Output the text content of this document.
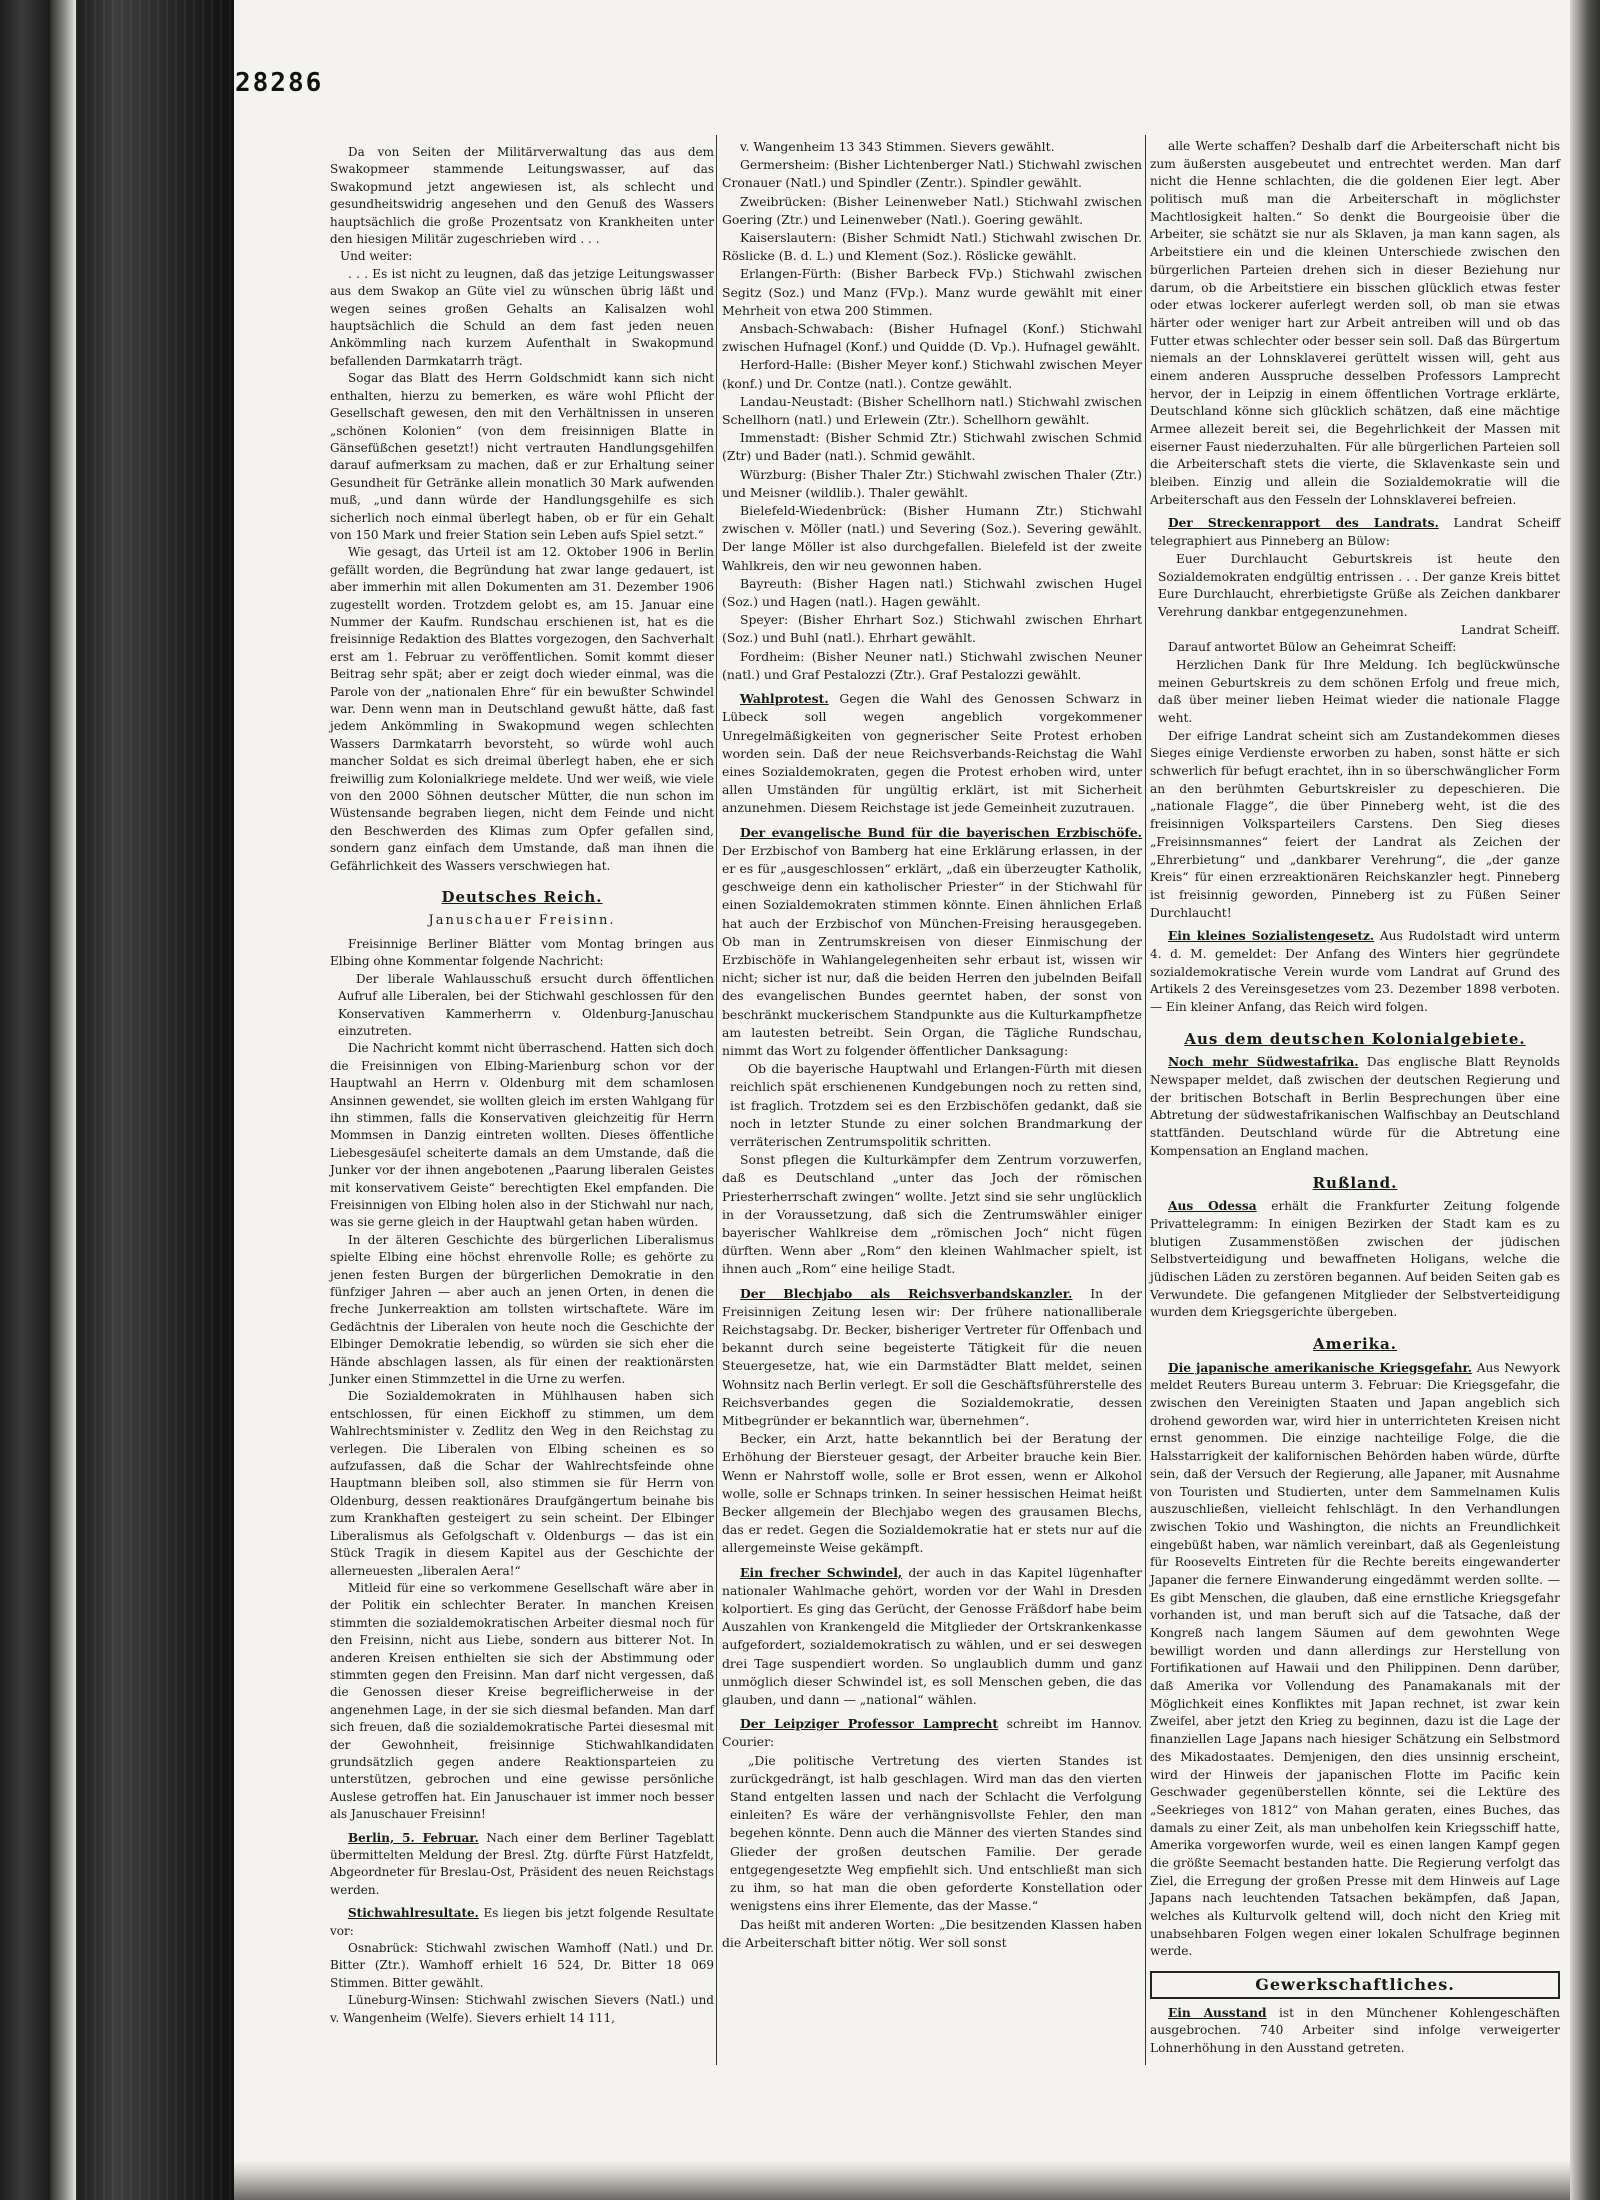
28286

Da von Seiten der Militärverwaltung das aus dem Swakopmeer stammende Leitungswasser, auf das Swakopmund jetzt angewiesen ist, als schlecht und gesundheitswidrig angesehen und den Genuß des Wassers hauptsächlich die große Prozentsatz von Krankheiten unter den hiesigen Militär zugeschrieben wird . . .

Und weiter:

. . . Es ist nicht zu leugnen, daß das jetzige Leitungswasser aus dem Swakop an Güte viel zu wünschen übrig läßt und wegen seines großen Gehalts an Kalisalzen wohl hauptsächlich die Schuld an dem fast jeden neuen Ankömmling nach kurzem Aufenthalt in Swakopmund befallenden Darmkatarrh trägt.

Sogar das Blatt des Herrn Goldschmidt kann sich nicht enthalten, hierzu zu bemerken, es wäre wohl Pflicht der Gesellschaft gewesen, den mit den Verhältnissen in unseren „schönen Kolonien“ (von dem freisinnigen Blatte in Gänsefüßchen gesetzt!) nicht vertrauten Handlungsgehilfen darauf aufmerksam zu machen, daß er zur Erhaltung seiner Gesundheit für Getränke allein monatlich 30 Mark aufwenden muß, „und dann würde der Handlungsgehilfe es sich sicherlich noch einmal überlegt haben, ob er für ein Gehalt von 150 Mark und freier Station sein Leben aufs Spiel setzt.“

Wie gesagt, das Urteil ist am 12. Oktober 1906 in Berlin gefällt worden, die Begründung hat zwar lange gedauert, ist aber immerhin mit allen Dokumenten am 31. Dezember 1906 zugestellt worden. Trotzdem gelobt es, am 15. Januar eine Nummer der Kaufm. Rundschau erschienen ist, hat es die freisinnige Redaktion des Blattes vorgezogen, den Sachverhalt erst am 1. Februar zu veröffentlichen. Somit kommt dieser Beitrag sehr spät; aber er zeigt doch wieder einmal, was die Parole von der „nationalen Ehre“ für ein bewußter Schwindel war. Denn wenn man in Deutschland gewußt hätte, daß fast jedem Ankömmling in Swakopmund wegen schlechten Wassers Darmkatarrh bevorsteht, so würde wohl auch mancher Soldat es sich dreimal überlegt haben, ehe er sich freiwillig zum Kolonialkriege meldete. Und wer weiß, wie viele von den 2000 Söhnen deutscher Mütter, die nun schon im Wüstensande begraben liegen, nicht dem Feinde und nicht den Beschwerden des Klimas zum Opfer gefallen sind, sondern ganz einfach dem Umstande, daß man ihnen die Gefährlichkeit des Wassers verschwiegen hat.

Deutsches Reich.

Januschauer Freisinn.

Freisinnige Berliner Blätter vom Montag bringen aus Elbing ohne Kommentar folgende Nachricht:

Der liberale Wahlausschuß ersucht durch öffentlichen Aufruf alle Liberalen, bei der Stichwahl geschlossen für den Konservativen Kammerherrn v. Oldenburg-Januschau einzutreten.

Die Nachricht kommt nicht überraschend. Hatten sich doch die Freisinnigen von Elbing-Marienburg schon vor der Hauptwahl an Herrn v. Oldenburg mit dem schamlosen Ansinnen gewendet, sie wollten gleich im ersten Wahlgang für ihn stimmen, falls die Konservativen gleichzeitig für Herrn Mommsen in Danzig eintreten wollten. Dieses öffentliche Liebesgesäuſel scheiterte damals an dem Umstande, daß die Junker vor der ihnen angebotenen „Paarung liberalen Geistes mit konservativem Geiste“ berechtigten Ekel empfanden. Die Freisinnigen von Elbing holen also in der Stichwahl nur nach, was sie gerne gleich in der Hauptwahl getan haben würden.

In der älteren Geschichte des bürgerlichen Liberalismus spielte Elbing eine höchst ehrenvolle Rolle; es gehörte zu jenen festen Burgen der bürgerlichen Demokratie in den fünfziger Jahren — aber auch an jenen Orten, in denen die freche Junkerreaktion am tollsten wirtschaftete. Wäre im Gedächtnis der Liberalen von heute noch die Geschichte der Elbinger Demokratie lebendig, so würden sie sich eher die Hände abschlagen lassen, als für einen der reaktionärsten Junker einen Stimmzettel in die Urne zu werfen.

Die Sozialdemokraten in Mühlhausen haben sich entschlossen, für einen Eickhoff zu stimmen, um dem Wahlrechtsminister v. Zedlitz den Weg in den Reichstag zu verlegen. Die Liberalen von Elbing scheinen es so aufzufassen, daß die Schar der Wahlrechtsfeinde ohne Hauptmann bleiben soll, also stimmen sie für Herrn von Oldenburg, dessen reaktionäres Draufgängertum beinahe bis zum Krankhaften gesteigert zu sein scheint. Der Elbinger Liberalismus als Gefolgschaft v. Oldenburgs — das ist ein Stück Tragik in diesem Kapitel aus der Geschichte der allerneuesten „liberalen Aera!“

Mitleid für eine so verkommene Gesellschaft wäre aber in der Politik ein schlechter Berater. In manchen Kreisen stimmten die sozialdemokratischen Arbeiter diesmal noch für den Freisinn, nicht aus Liebe, sondern aus bitterer Not. In anderen Kreisen enthielten sie sich der Abstimmung oder stimmten gegen den Freisinn. Man darf nicht vergessen, daß die Genossen dieser Kreise begreiflicherweise in der angenehmen Lage, in der sie sich diesmal befanden. Man darf sich freuen, daß die sozialdemokratische Partei diesesmal mit der Gewohnheit, freisinnige Stichwahlkandidaten grundsätzlich gegen andere Reaktionsparteien zu unterstützen, gebrochen und eine gewisse persönliche Auslese getroffen hat. Ein Januschauer ist immer noch besser als Januschauer Freisinn!

Berlin, 5. Februar. Nach einer dem Berliner Tageblatt übermittelten Meldung der Bresl. Ztg. dürfte Fürst Hatzfeldt, Abgeordneter für Breslau-Ost, Präsident des neuen Reichstags werden.

Stichwahlresultate. Es liegen bis jetzt folgende Resultate vor:

Osnabrück: Stichwahl zwischen Wamhoff (Natl.) und Dr. Bitter (Ztr.). Wamhoff erhielt 16 524, Dr. Bitter 18 069 Stimmen. Bitter gewählt.

Lüneburg-Winsen: Stichwahl zwischen Sievers (Natl.) und v. Wangenheim (Welfe). Sievers erhielt 14 111,

v. Wangenheim 13 343 Stimmen. Sievers gewählt.

Germersheim: (Bisher Lichtenberger Natl.) Stichwahl zwischen Cronauer (Natl.) und Spindler (Zentr.). Spindler gewählt.

Zweibrücken: (Bisher Leinenweber Natl.) Stichwahl zwischen Goering (Ztr.) und Leinenweber (Natl.). Goering gewählt.

Kaiserslautern: (Bisher Schmidt Natl.) Stichwahl zwischen Dr. Röslicke (B. d. L.) und Klement (Soz.). Röslicke gewählt.

Erlangen-Fürth: (Bisher Barbeck FVp.) Stichwahl zwischen Segitz (Soz.) und Manz (FVp.). Manz wurde gewählt mit einer Mehrheit von etwa 200 Stimmen.

Ansbach-Schwabach: (Bisher Hufnagel (Konf.) Stichwahl zwischen Hufnagel (Konf.) und Quidde (D. Vp.). Hufnagel gewählt.

Herford-Halle: (Bisher Meyer konf.) Stichwahl zwischen Meyer (konf.) und Dr. Contze (natl.). Contze gewählt.

Landau-Neustadt: (Bisher Schellhorn natl.) Stichwahl zwischen Schellhorn (natl.) und Erlewein (Ztr.). Schellhorn gewählt.

Immenstadt: (Bisher Schmid Ztr.) Stichwahl zwischen Schmid (Ztr) und Bader (natl.). Schmid gewählt.

Würzburg: (Bisher Thaler Ztr.) Stichwahl zwischen Thaler (Ztr.) und Meisner (wildlib.). Thaler gewählt.

Bielefeld-Wiedenbrück: (Bisher Humann Ztr.) Stichwahl zwischen v. Möller (natl.) und Severing (Soz.). Severing gewählt. Der lange Möller ist also durchgefallen. Bielefeld ist der zweite Wahlkreis, den wir neu gewonnen haben.

Bayreuth: (Bisher Hagen natl.) Stichwahl zwischen Hugel (Soz.) und Hagen (natl.). Hagen gewählt.

Speyer: (Bisher Ehrhart Soz.) Stichwahl zwischen Ehrhart (Soz.) und Buhl (natl.). Ehrhart gewählt.

Fordheim: (Bisher Neuner natl.) Stichwahl zwischen Neuner (natl.) und Graf Pestalozzi (Ztr.). Graf Pestalozzi gewählt.

Wahlprotest. Gegen die Wahl des Genossen Schwarz in Lübeck soll wegen angeblich vorgekommener Unregelmäßigkeiten von gegnerischer Seite Protest erhoben worden sein. Daß der neue Reichsverbands-Reichstag die Wahl eines Sozialdemokraten, gegen die Protest erhoben wird, unter allen Umständen für ungültig erklärt, ist mit Sicherheit anzunehmen. Diesem Reichstage ist jede Gemeinheit zuzutrauen.

Der evangelische Bund für die bayerischen Erzbischöfe. Der Erzbischof von Bamberg hat eine Erklärung erlassen, in der er es für „ausgeschlossen“ erklärt, „daß ein überzeugter Katholik, geschweige denn ein katholischer Priester“ in der Stichwahl für einen Sozialdemokraten stimmen könnte. Einen ähnlichen Erlaß hat auch der Erzbischof von München-Freising herausgegeben. Ob man in Zentrumskreisen von dieser Einmischung der Erzbischöfe in Wahlangelegenheiten sehr erbaut ist, wissen wir nicht; sicher ist nur, daß die beiden Herren den jubelnden Beifall des evangelischen Bundes geerntet haben, der sonst von beschränkt muckerischem Standpunkte aus die Kulturkampfhetze am lautesten betreibt. Sein Organ, die Tägliche Rundschau, nimmt das Wort zu folgender öffentlicher Danksagung:

Ob die bayerische Hauptwahl und Erlangen-Fürth mit diesen reichlich spät erschienenen Kundgebungen noch zu retten sind, ist fraglich. Trotzdem sei es den Erzbischöfen gedankt, daß sie noch in letzter Stunde zu einer solchen Brandmarkung der verräterischen Zentrumspolitik schritten.

Sonst pflegen die Kulturkämpfer dem Zentrum vorzuwerfen, daß es Deutschland „unter das Joch der römischen Priesterherrschaft zwingen“ wollte. Jetzt sind sie sehr unglücklich in der Voraussetzung, daß sich die Zentrumswähler einiger bayerischer Wahlkreise dem „römischen Joch“ nicht fügen dürften. Wenn aber „Rom“ den kleinen Wahlmacher spielt, ist ihnen auch „Rom“ eine heilige Stadt.

Der Blechjabo als Reichsverbandskanzler. In der Freisinnigen Zeitung lesen wir: Der frühere nationalliberale Reichstagsabg. Dr. Becker, bisheriger Vertreter für Offenbach und bekannt durch seine begeisterte Tätigkeit für die neuen Steuergesetze, hat, wie ein Darmstädter Blatt meldet, seinen Wohnsitz nach Berlin verlegt. Er soll die Geschäftsführerstelle des Reichsverbandes gegen die Sozialdemokratie, dessen Mitbegründer er bekanntlich war, übernehmen“.

Becker, ein Arzt, hatte bekanntlich bei der Beratung der Erhöhung der Biersteuer gesagt, der Arbeiter brauche kein Bier. Wenn er Nahrstoff wolle, solle er Brot essen, wenn er Alkohol wolle, solle er Schnaps trinken. In seiner hessischen Heimat heißt Becker allgemein der Blechjabo wegen des grausamen Blechs, das er redet. Gegen die Sozialdemokratie hat er stets nur auf die allergemeinste Weise gekämpft.

Ein frecher Schwindel, der auch in das Kapitel lügenhafter nationaler Wahlmache gehört, worden vor der Wahl in Dresden kolportiert. Es ging das Gerücht, der Genosse Fräßdorf habe beim Auszahlen von Krankengeld die Mitglieder der Ortskrankenkasse aufgefordert, sozialdemokratisch zu wählen, und er sei deswegen drei Tage suspendiert worden. So unglaublich dumm und ganz unmöglich dieser Schwindel ist, es soll Menschen geben, die das glauben, und dann — „national“ wählen.

Der Leipziger Professor Lamprecht schreibt im Hannov. Courier:

„Die politische Vertretung des vierten Standes ist zurückgedrängt, ist halb geschlagen. Wird man das den vierten Stand entgelten lassen und nach der Schlacht die Verfolgung einleiten? Es wäre der verhängnisvollste Fehler, den man begehen könnte. Denn auch die Männer des vierten Standes sind Glieder der großen deutschen Familie. Der gerade entgegengesetzte Weg empfiehlt sich. Und entschließt man sich zu ihm, so hat man die oben geforderte Konstellation oder wenigstens eins ihrer Elemente, das der Masse.“

Das heißt mit anderen Worten: „Die besitzenden Klassen haben die Arbeiterschaft bitter nötig. Wer soll sonst

alle Werte schaffen? Deshalb darf die Arbeiterschaft nicht bis zum äußersten ausgebeutet und entrechtet werden. Man darf nicht die Henne schlachten, die die goldenen Eier legt. Aber politisch muß man die Arbeiterschaft in möglichster Machtlosigkeit halten.“ So denkt die Bourgeoisie über die Arbeiter, sie schätzt sie nur als Sklaven, ja man kann sagen, als Arbeitstiere ein und die kleinen Unterschiede zwischen den bürgerlichen Parteien drehen sich in dieser Beziehung nur darum, ob die Arbeitstiere ein bisschen glücklich etwas fester oder etwas lockerer auferlegt werden soll, ob man sie etwas härter oder weniger hart zur Arbeit antreiben will und ob das Futter etwas schlechter oder besser sein soll. Daß das Bürgertum niemals an der Lohnsklaverei gerüttelt wissen will, geht aus einem anderen Ausspruche desselben Professors Lamprecht hervor, der in Leipzig in einem öffentlichen Vortrage erklärte, Deutschland könne sich glücklich schätzen, daß eine mächtige Armee allezeit bereit sei, die Begehrlichkeit der Massen mit eiserner Faust niederzuhalten. Für alle bürgerlichen Parteien soll die Arbeiterschaft stets die vierte, die Sklavenkaste sein und bleiben. Einzig und allein die Sozialdemokratie will die Arbeiterschaft aus den Fesseln der Lohnsklaverei befreien.

Der Streckenrapport des Landrats. Landrat Scheiff telegraphiert aus Pinneberg an Bülow:

Euer Durchlaucht Geburtskreis ist heute den Sozialdemokraten endgültig entrissen . . . Der ganze Kreis bittet Eure Durchlaucht, ehrerbietigste Grüße als Zeichen dankbarer Verehrung dankbar entgegenzunehmen.

Landrat Scheiff.

Darauf antwortet Bülow an Geheimrat Scheiff:

Herzlichen Dank für Ihre Meldung. Ich beglückwünsche meinen Geburtskreis zu dem schönen Erfolg und freue mich, daß über meiner lieben Heimat wieder die nationale Flagge weht.

Der eifrige Landrat scheint sich am Zustandekommen dieses Sieges einige Verdienste erworben zu haben, sonst hätte er sich schwerlich für befugt erachtet, ihn in so überschwänglicher Form an den berühmten Geburtskreisler zu depeschieren. Die „nationale Flagge“, die über Pinneberg weht, ist die des freisinnigen Volksparteilers Carstens. Den Sieg dieses „Freisinnsmannes“ feiert der Landrat als Zeichen der „Ehrerbietung“ und „dankbarer Verehrung“, die „der ganze Kreis“ für einen erzreaktionären Reichskanzler hegt. Pinneberg ist freisinnig geworden, Pinneberg ist zu Füßen Seiner Durchlaucht!

Ein kleines Sozialistengesetz. Aus Rudolstadt wird unterm 4. d. M. gemeldet: Der Anfang des Winters hier gegründete sozialdemokratische Verein wurde vom Landrat auf Grund des Artikels 2 des Vereinsgesetzes vom 23. Dezember 1898 verboten. — Ein kleiner Anfang, das Reich wird folgen.

Aus dem deutschen Kolonialgebiete.

Noch mehr Südwestafrika. Das englische Blatt Reynolds Newspaper meldet, daß zwischen der deutschen Regierung und der britischen Botschaft in Berlin Besprechungen über eine Abtretung der südwestafrikanischen Walfischbay an Deutschland stattfänden. Deutschland würde für die Abtretung eine Kompensation an England machen.

Rußland.

Aus Odessa erhält die Frankfurter Zeitung folgende Privattelegramm: In einigen Bezirken der Stadt kam es zu blutigen Zusammenstößen zwischen der jüdischen Selbstverteidigung und bewaffneten Holigans, welche die jüdischen Läden zu zerstören begannen. Auf beiden Seiten gab es Verwundete. Die gefangenen Mitglieder der Selbstverteidigung wurden dem Kriegsgerichte übergeben.

Amerika.

Die japanische amerikanische Kriegsgefahr. Aus Newyork meldet Reuters Bureau unterm 3. Februar: Die Kriegsgefahr, die zwischen den Vereinigten Staaten und Japan angeblich sich drohend geworden war, wird hier in unterrichteten Kreisen nicht ernst genommen. Die einzige nachteilige Folge, die die Halsstarrigkeit der kalifornischen Behörden haben würde, dürfte sein, daß der Versuch der Regierung, alle Japaner, mit Ausnahme von Touristen und Studierten, unter dem Sammelnamen Kulis auszuschließen, vielleicht fehlschlägt. In den Verhandlungen zwischen Tokio und Washington, die nichts an Freundlichkeit eingebüßt haben, war nämlich vereinbart, daß als Gegenleistung für Roosevelts Eintreten für die Rechte bereits eingewanderter Japaner die fernere Einwanderung eingedämmt werden sollte. — Es gibt Menschen, die glauben, daß eine ernstliche Kriegsgefahr vorhanden ist, und man beruft sich auf die Tatsache, daß der Kongreß nach langem Säumen auf dem gewohnten Wege bewilligt worden und dann allerdings zur Herstellung von Fortifikationen auf Hawaii und den Philippinen. Denn darüber, daß Amerika vor Vollendung des Panamakanals mit der Möglichkeit eines Konfliktes mit Japan rechnet, ist zwar kein Zweifel, aber jetzt den Krieg zu beginnen, dazu ist die Lage der finanziellen Lage Japans nach hiesiger Schätzung ein Selbstmord des Mikadostaates. Demjenigen, den dies unsinnig erscheint, wird der Hinweis der japanischen Flotte im Pacific kein Geschwader gegenüberstellen könnte, sei die Lektüre des „Seekrieges von 1812“ von Mahan geraten, eines Buches, das damals zu einer Zeit, als man unbeholfen kein Kriegsschiff hatte, Amerika vorgeworfen wurde, weil es einen langen Kampf gegen die größte Seemacht bestanden hatte. Die Regierung verfolgt das Ziel, die Erregung der großen Presse mit dem Hinweis auf Lage Japans nach leuchtenden Tatsachen bekämpfen, daß Japan, welches als Kulturvolk geltend will, doch nicht den Krieg mit unabsehbaren Folgen wegen einer lokalen Schulfrage beginnen werde.

Gewerkschaftliches.

Ein Ausstand ist in den Münchener Kohlengeschäften ausgebrochen. 740 Arbeiter sind infolge verweigerter Lohnerhöhung in den Ausstand getreten.
